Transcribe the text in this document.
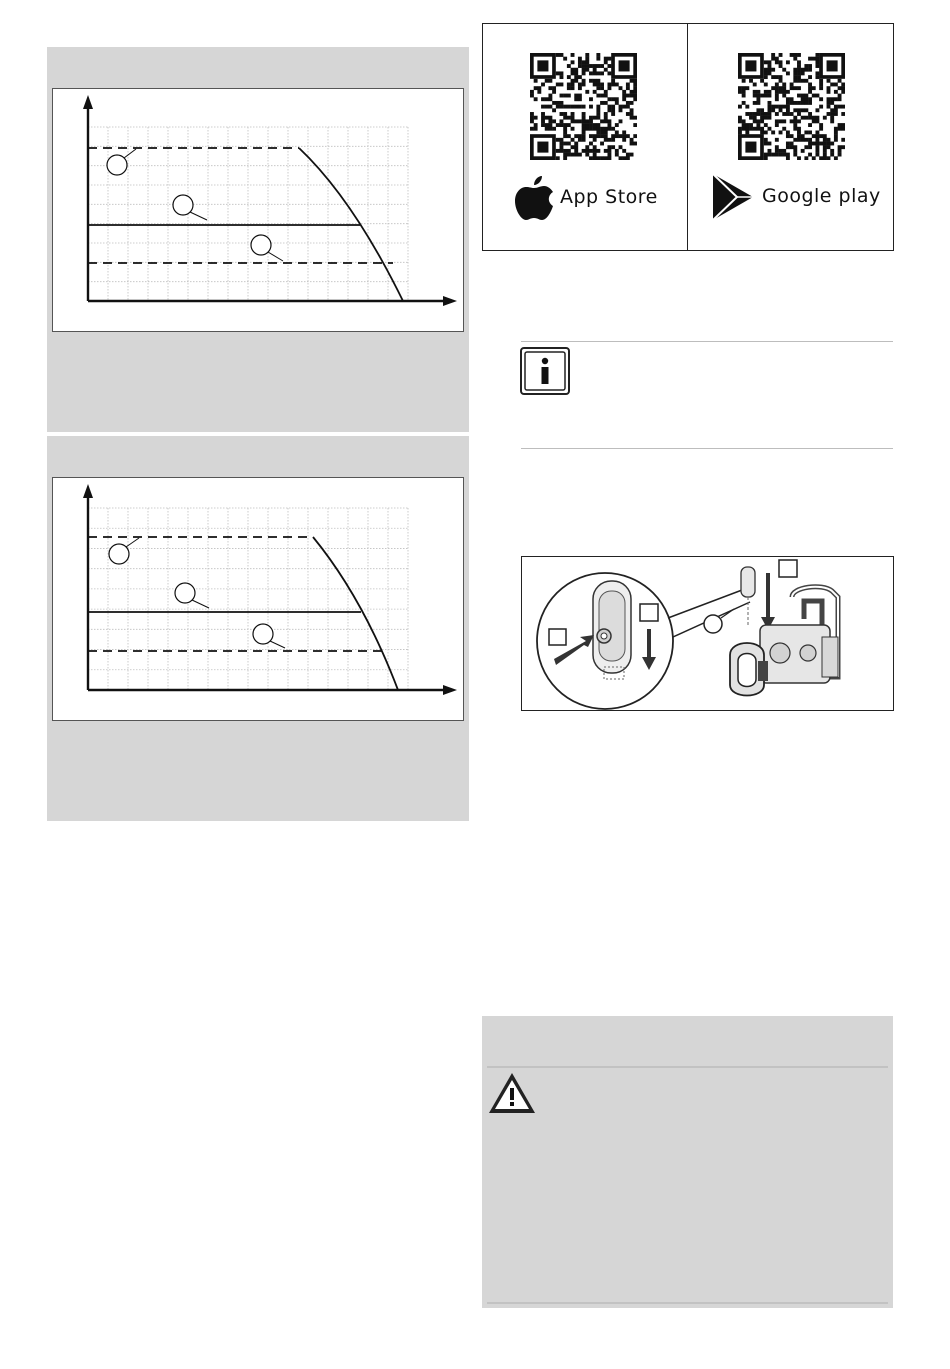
App Store	Google play
